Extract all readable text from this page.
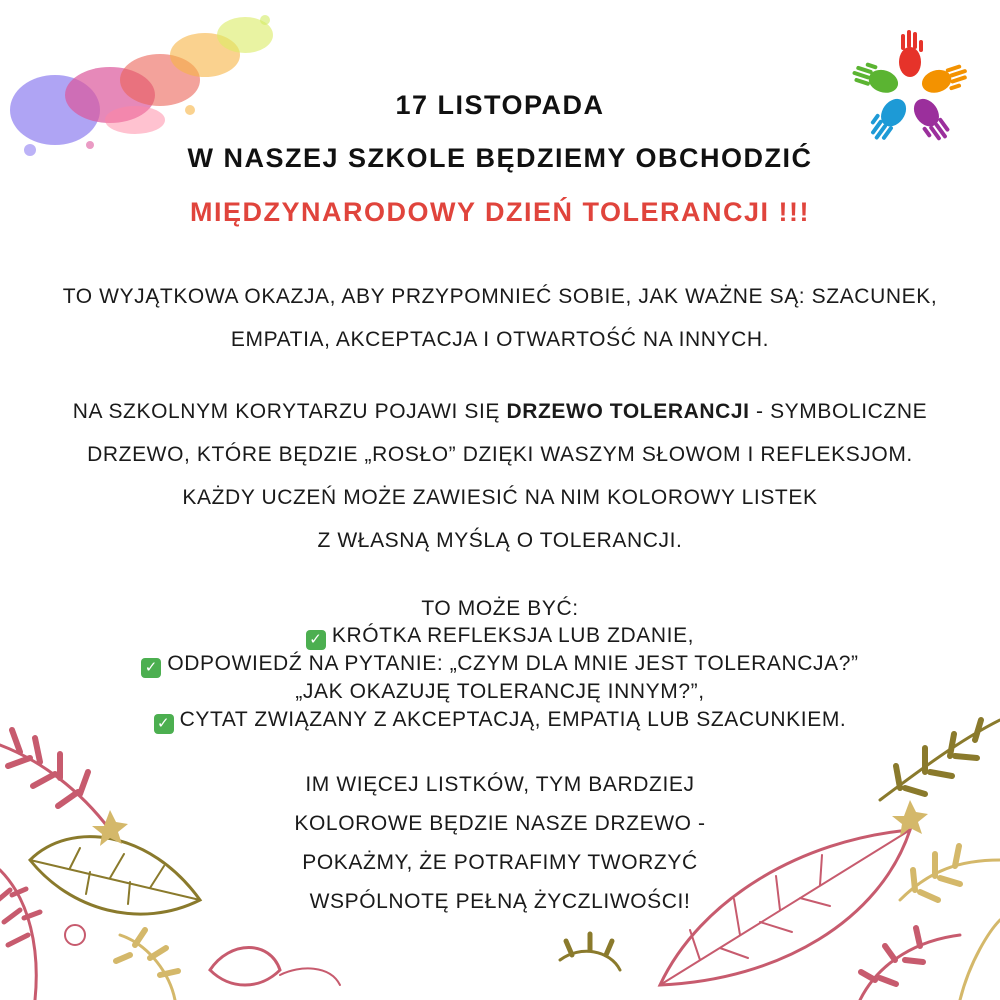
17 LISTOPADA
W NASZEJ SZKOLE BĘDZIEMY OBCHODZIĆ
MIĘDZYNARODOWY DZIEŃ TOLERANCJI !!!
TO WYJĄTKOWA OKAZJA, ABY PRZYPOMNIEĆ SOBIE, JAK WAŻNE SĄ: SZACUNEK,
EMPATIA, AKCEPTACJA I OTWARTOŚĆ NA INNYCH.
NA SZKOLNYM KORYTARZU POJAWI SIĘ DRZEWO TOLERANCJI - SYMBOLICZNE
DRZEWO, KTÓRE BĘDZIE „ROSŁO” DZIĘKI WASZYM SŁOWOM I REFLEKSJOM.
KAŻDY UCZEŃ MOŻE ZAWIESIĆ NA NIM KOLOROWY LISTEK
Z WŁASNĄ MYŚLĄ O TOLERANCJI.
TO MOŻE BYĆ:
✓ KRÓTKA REFLEKSJA LUB ZDANIE,
✓ ODPOWIEDŹ NA PYTANIE: „CZYM DLA MNIE JEST TOLERANCJA?”
„JAK OKAZUJĘ TOLERANCJĘ INNYM?”,
✓ CYTAT ZWIĄZANY Z AKCEPTACJĄ, EMPATIĄ LUB SZACUNKIEM.
IM WIĘCEJ LISTKÓW, TYM BARDZIEJ
KOLOROWE BĘDZIE NASZE DRZEWO -
POKAŻMY, ŻE POTRAFIMY TWORZYĆ
WSPÓLNOTĘ PEŁNĄ ŻYCZLIWOŚCI!
